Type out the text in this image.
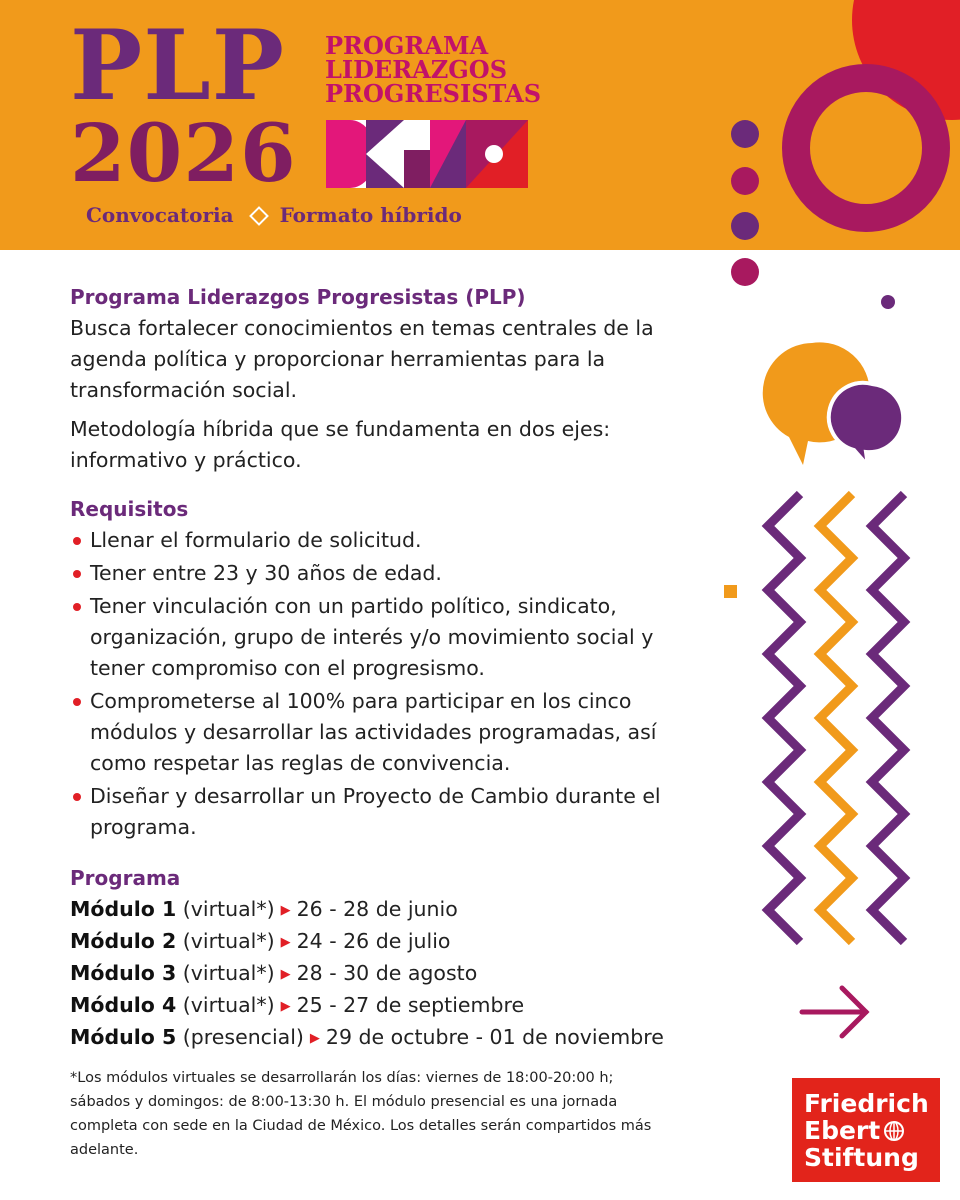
PLP
2026
PROGRAMA
LIDERAZGOS
PROGRESISTAS
Convocatoria Formato híbrido
Programa Liderazgos Progresistas (PLP)

Busca fortalecer conocimientos en temas centrales de la agenda política y proporcionar herramientas para la transformación social.

Metodología híbrida que se fundamenta en dos ejes: informativo y práctico.

Requisitos
Llenar el formulario de solicitud.
Tener entre 23 y 30 años de edad.
Tener vinculación con un partido político, sindicato, organización, grupo de interés y/o movimiento social y tener compromiso con el progresismo.
Comprometerse al 100% para participar en los cinco módulos y desarrollar las actividades programadas, así como respetar las reglas de convivencia.
Diseñar y desarrollar un Proyecto de Cambio durante el programa.
Programa
Módulo 1 (virtual*) ▶ 26 - 28 de junio
Módulo 2 (virtual*) ▶ 24 - 26 de julio
Módulo 3 (virtual*) ▶ 28 - 30 de agosto
Módulo 4 (virtual*) ▶ 25 - 27 de septiembre
Módulo 5 (presencial) ▶ 29 de octubre - 01 de noviembre
*Los módulos virtuales se desarrollarán los días: viernes de 18:00-20:00 h; sábados y domingos: de 8:00-13:30 h. El módulo presencial es una jornada completa con sede en la Ciudad de México. Los detalles serán compartidos más adelante.
Friedrich
Ebert
Stiftung
